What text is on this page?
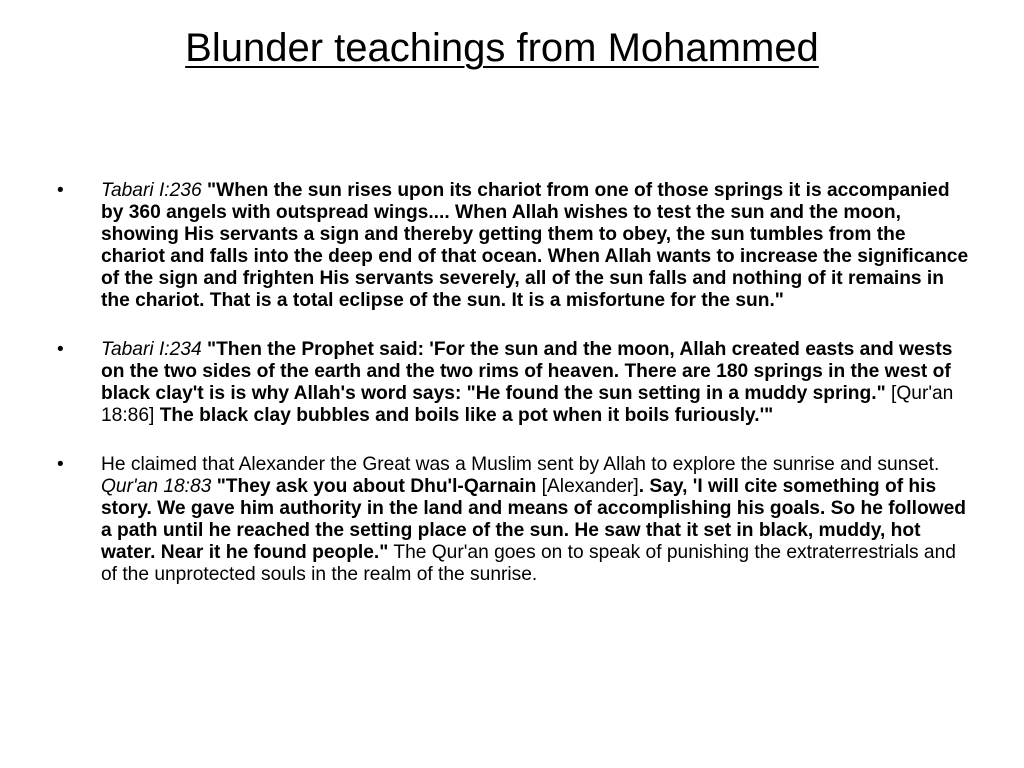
Blunder teachings from Mohammed
•	Tabari I:236 "When the sun rises upon its chariot from one of those springs it is accompanied by 360 angels with outspread wings.... When Allah wishes to test the sun and the moon, showing His servants a sign and thereby getting them to obey, the sun tumbles from the chariot and falls into the deep end of that ocean. When Allah wants to increase the significance of the sign and frighten His servants severely, all of the sun falls and nothing of it remains in the chariot. That is a total eclipse of the sun. It is a misfortune for the sun."
•	Tabari I:234 "Then the Prophet said: 'For the sun and the moon, Allah created easts and wests on the two sides of the earth and the two rims of heaven. There are 180 springs in the west of black clay't is is why Allah's word says: "He found the sun setting in a muddy spring." [Qur'an 18:86] The black clay bubbles and boils like a pot when it boils furiously.'"
•	He claimed that Alexander the Great was a Muslim sent by Allah to explore the sunrise and sunset. Qur'an 18:83 "They ask you about Dhu'l-Qarnain [Alexander]. Say, 'I will cite something of his story. We gave him authority in the land and means of accomplishing his goals. So he followed a path until he reached the setting place of the sun. He saw that it set in black, muddy, hot water. Near it he found people." The Qur'an goes on to speak of punishing the extraterrestrials and of the unprotected souls in the realm of the sunrise.
